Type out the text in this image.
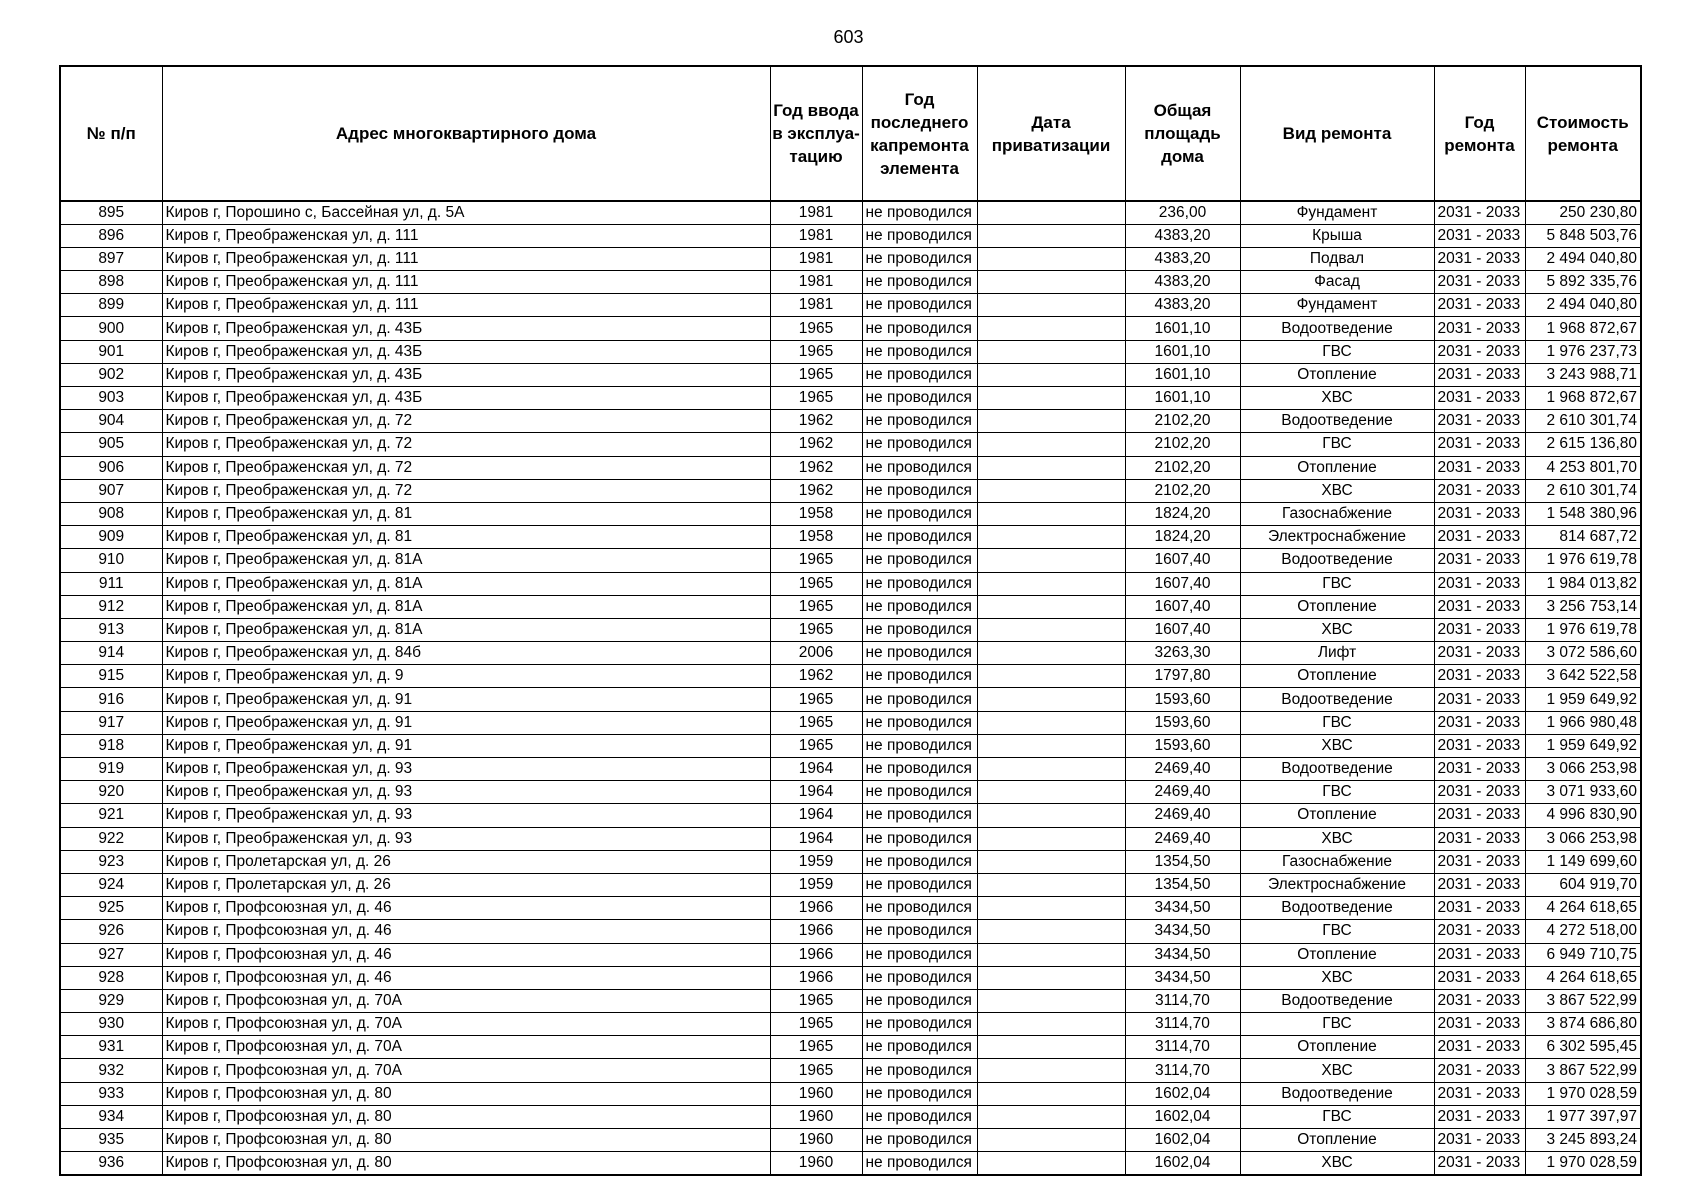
603
№ п/п	Адрес многоквартирного дома	Год ввода в эксплуа-тацию	Год последнего капремонта элемента	Дата приватизации	Общая площадь дома	Вид ремонта	Год ремонта	Стоимость ремонта
895	Киров г, Порошино с, Бассейная ул, д. 5А	1981	не проводился		236,00	Фундамент	2031 - 2033	250 230,80
896	Киров г, Преображенская ул, д. 111	1981	не проводился		4383,20	Крыша	2031 - 2033	5 848 503,76
897	Киров г, Преображенская ул, д. 111	1981	не проводился		4383,20	Подвал	2031 - 2033	2 494 040,80
898	Киров г, Преображенская ул, д. 111	1981	не проводился		4383,20	Фасад	2031 - 2033	5 892 335,76
899	Киров г, Преображенская ул, д. 111	1981	не проводился		4383,20	Фундамент	2031 - 2033	2 494 040,80
900	Киров г, Преображенская ул, д. 43Б	1965	не проводился		1601,10	Водоотведение	2031 - 2033	1 968 872,67
901	Киров г, Преображенская ул, д. 43Б	1965	не проводился		1601,10	ГВС	2031 - 2033	1 976 237,73
902	Киров г, Преображенская ул, д. 43Б	1965	не проводился		1601,10	Отопление	2031 - 2033	3 243 988,71
903	Киров г, Преображенская ул, д. 43Б	1965	не проводился		1601,10	ХВС	2031 - 2033	1 968 872,67
904	Киров г, Преображенская ул, д. 72	1962	не проводился		2102,20	Водоотведение	2031 - 2033	2 610 301,74
905	Киров г, Преображенская ул, д. 72	1962	не проводился		2102,20	ГВС	2031 - 2033	2 615 136,80
906	Киров г, Преображенская ул, д. 72	1962	не проводился		2102,20	Отопление	2031 - 2033	4 253 801,70
907	Киров г, Преображенская ул, д. 72	1962	не проводился		2102,20	ХВС	2031 - 2033	2 610 301,74
908	Киров г, Преображенская ул, д. 81	1958	не проводился		1824,20	Газоснабжение	2031 - 2033	1 548 380,96
909	Киров г, Преображенская ул, д. 81	1958	не проводился		1824,20	Электроснабжение	2031 - 2033	814 687,72
910	Киров г, Преображенская ул, д. 81А	1965	не проводился		1607,40	Водоотведение	2031 - 2033	1 976 619,78
911	Киров г, Преображенская ул, д. 81А	1965	не проводился		1607,40	ГВС	2031 - 2033	1 984 013,82
912	Киров г, Преображенская ул, д. 81А	1965	не проводился		1607,40	Отопление	2031 - 2033	3 256 753,14
913	Киров г, Преображенская ул, д. 81А	1965	не проводился		1607,40	ХВС	2031 - 2033	1 976 619,78
914	Киров г, Преображенская ул, д. 84б	2006	не проводился		3263,30	Лифт	2031 - 2033	3 072 586,60
915	Киров г, Преображенская ул, д. 9	1962	не проводился		1797,80	Отопление	2031 - 2033	3 642 522,58
916	Киров г, Преображенская ул, д. 91	1965	не проводился		1593,60	Водоотведение	2031 - 2033	1 959 649,92
917	Киров г, Преображенская ул, д. 91	1965	не проводился		1593,60	ГВС	2031 - 2033	1 966 980,48
918	Киров г, Преображенская ул, д. 91	1965	не проводился		1593,60	ХВС	2031 - 2033	1 959 649,92
919	Киров г, Преображенская ул, д. 93	1964	не проводился		2469,40	Водоотведение	2031 - 2033	3 066 253,98
920	Киров г, Преображенская ул, д. 93	1964	не проводился		2469,40	ГВС	2031 - 2033	3 071 933,60
921	Киров г, Преображенская ул, д. 93	1964	не проводился		2469,40	Отопление	2031 - 2033	4 996 830,90
922	Киров г, Преображенская ул, д. 93	1964	не проводился		2469,40	ХВС	2031 - 2033	3 066 253,98
923	Киров г, Пролетарская ул, д. 26	1959	не проводился		1354,50	Газоснабжение	2031 - 2033	1 149 699,60
924	Киров г, Пролетарская ул, д. 26	1959	не проводился		1354,50	Электроснабжение	2031 - 2033	604 919,70
925	Киров г, Профсоюзная ул, д. 46	1966	не проводился		3434,50	Водоотведение	2031 - 2033	4 264 618,65
926	Киров г, Профсоюзная ул, д. 46	1966	не проводился		3434,50	ГВС	2031 - 2033	4 272 518,00
927	Киров г, Профсоюзная ул, д. 46	1966	не проводился		3434,50	Отопление	2031 - 2033	6 949 710,75
928	Киров г, Профсоюзная ул, д. 46	1966	не проводился		3434,50	ХВС	2031 - 2033	4 264 618,65
929	Киров г, Профсоюзная ул, д. 70А	1965	не проводился		3114,70	Водоотведение	2031 - 2033	3 867 522,99
930	Киров г, Профсоюзная ул, д. 70А	1965	не проводился		3114,70	ГВС	2031 - 2033	3 874 686,80
931	Киров г, Профсоюзная ул, д. 70А	1965	не проводился		3114,70	Отопление	2031 - 2033	6 302 595,45
932	Киров г, Профсоюзная ул, д. 70А	1965	не проводился		3114,70	ХВС	2031 - 2033	3 867 522,99
933	Киров г, Профсоюзная ул, д. 80	1960	не проводился		1602,04	Водоотведение	2031 - 2033	1 970 028,59
934	Киров г, Профсоюзная ул, д. 80	1960	не проводился		1602,04	ГВС	2031 - 2033	1 977 397,97
935	Киров г, Профсоюзная ул, д. 80	1960	не проводился		1602,04	Отопление	2031 - 2033	3 245 893,24
936	Киров г, Профсоюзная ул, д. 80	1960	не проводился		1602,04	ХВС	2031 - 2033	1 970 028,59
